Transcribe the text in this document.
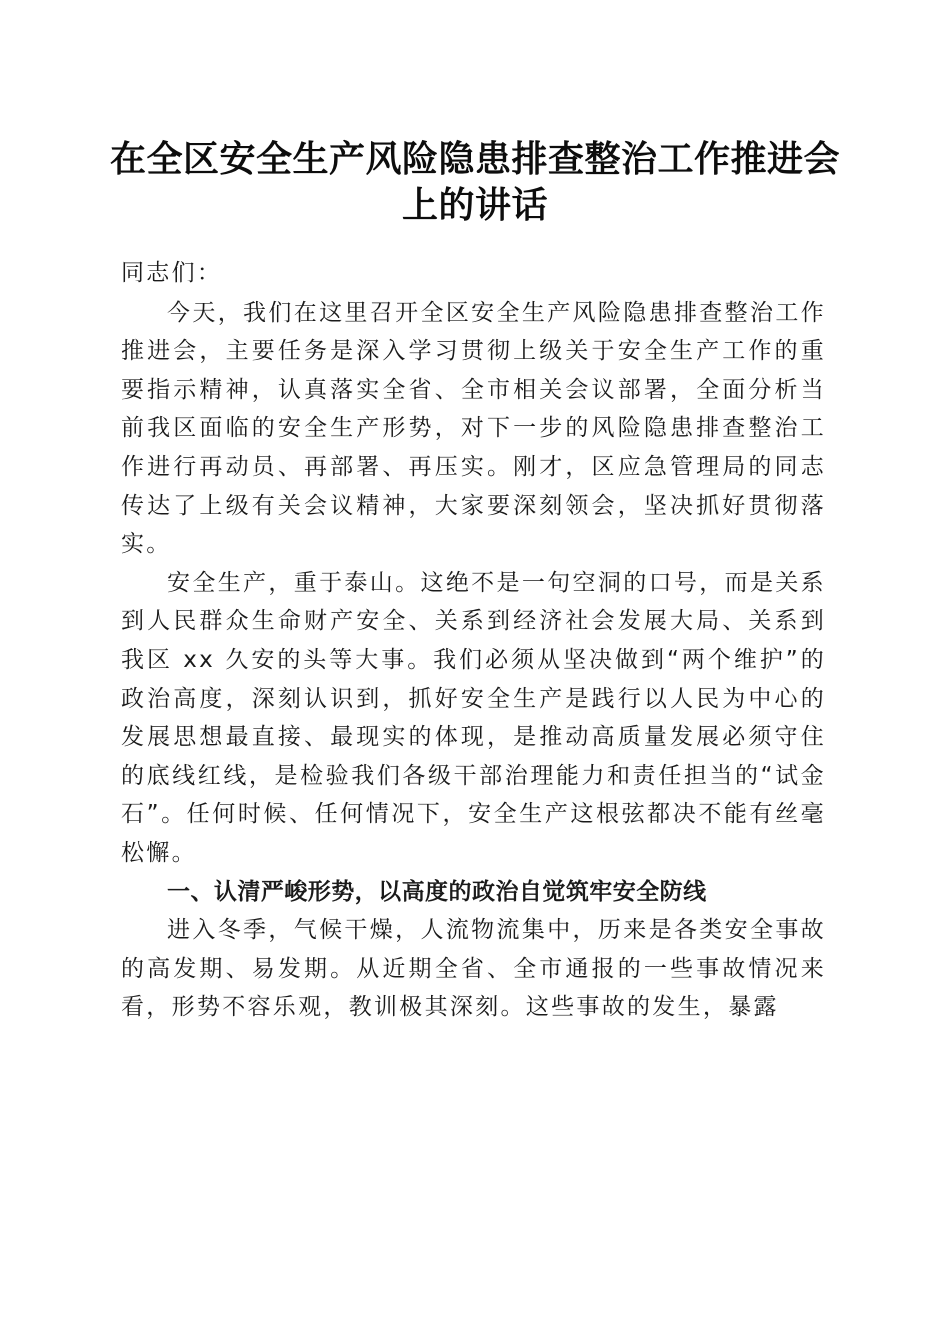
在全区安全生产风险隐患排查整治工作推进会上的讲话

同志们：

今天，我们在这里召开全区安全生产风险隐患排查整治工作推进会，主要任务是深入学习贯彻上级关于安全生产工作的重要指示精神，认真落实全省、全市相关会议部署，全面分析当前我区面临的安全生产形势，对下一步的风险隐患排查整治工作进行再动员、再部署、再压实。刚才，区应急管理局的同志传达了上级有关会议精神，大家要深刻领会，坚决抓好贯彻落实。

安全生产，重于泰山。这绝不是一句空洞的口号，而是关系到人民群众生命财产安全、关系到经济社会发展大局、关系到我区 xx 久安的头等大事。我们必须从坚决做到“两个维护”的政治高度，深刻认识到，抓好安全生产是践行以人民为中心的发展思想最直接、最现实的体现，是推动高质量发展必须守住的底线红线，是检验我们各级干部治理能力和责任担当的“试金石”。任何时候、任何情况下，安全生产这根弦都决不能有丝毫松懈。

一、认清严峻形势，以高度的政治自觉筑牢安全防线

进入冬季，气候干燥，人流物流集中，历来是各类安全事故的高发期、易发期。从近期全省、全市通报的一些事故情况来看，形势不容乐观，教训极其深刻。这些事故的发生，暴露
